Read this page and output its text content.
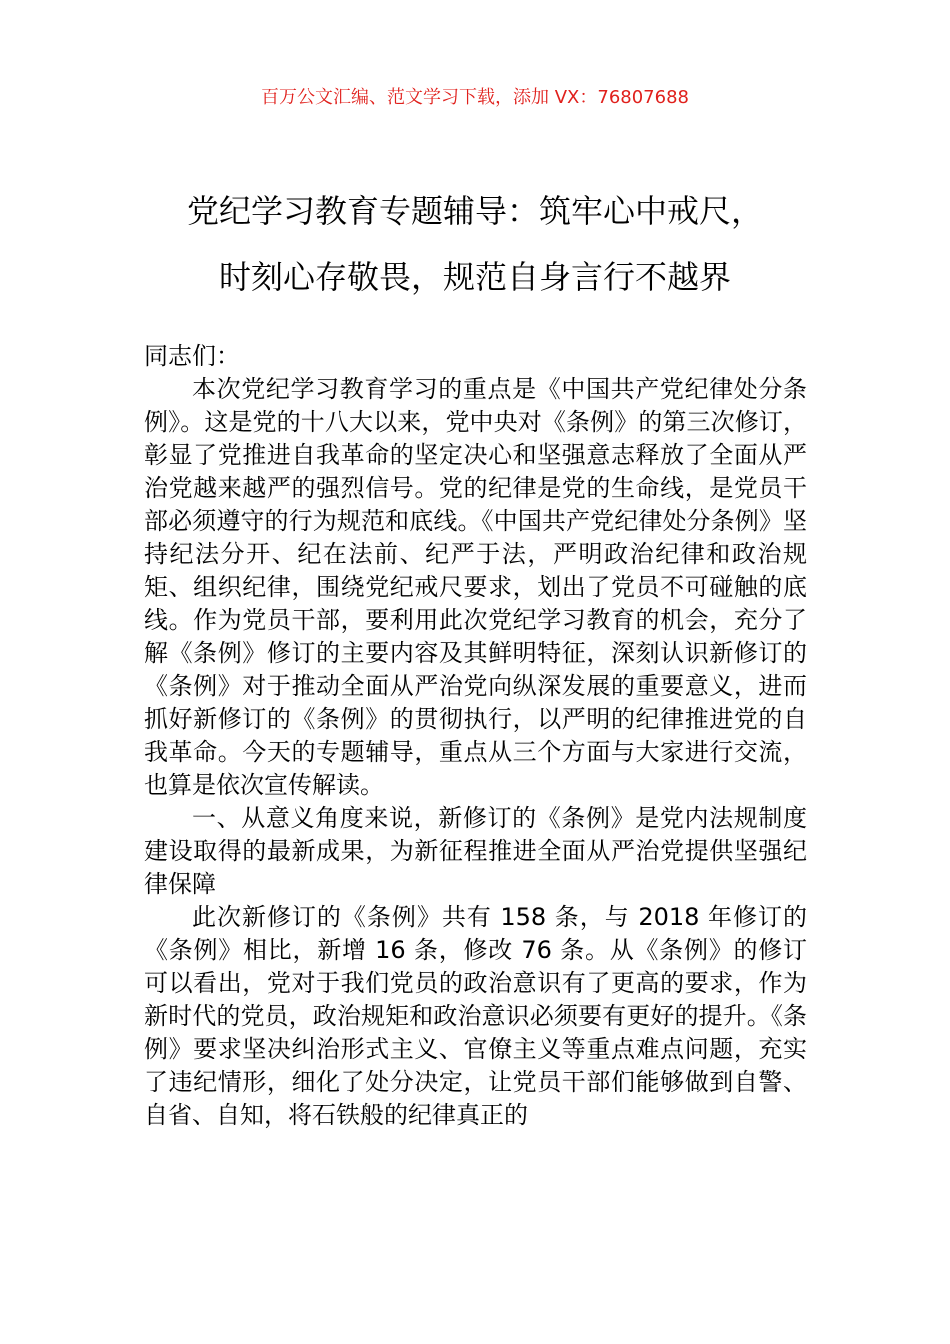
百万公文汇编、范文学习下载，添加 VX：76807688
党纪学习教育专题辅导：筑牢心中戒尺，
时刻心存敬畏，规范自身言行不越界

同志们：

本次党纪学习教育学习的重点是《中国共产党纪律处分条例》。这是党的十八大以来，党中央对《条例》的第三次修订，彰显了党推进自我革命的坚定决心和坚强意志释放了全面从严治党越来越严的强烈信号。党的纪律是党的生命线，是党员干部必须遵守的行为规范和底线。《中国共产党纪律处分条例》坚持纪法分开、纪在法前、纪严于法，严明政治纪律和政治规矩、组织纪律，围绕党纪戒尺要求，划出了党员不可碰触的底线。作为党员干部，要利用此次党纪学习教育的机会，充分了解《条例》修订的主要内容及其鲜明特征，深刻认识新修订的《条例》对于推动全面从严治党向纵深发展的重要意义，进而抓好新修订的《条例》的贯彻执行，以严明的纪律推进党的自我革命。今天的专题辅导，重点从三个方面与大家进行交流，也算是依次宣传解读。

一、从意义角度来说，新修订的《条例》是党内法规制度建设取得的最新成果，为新征程推进全面从严治党提供坚强纪律保障

此次新修订的《条例》共有 158 条，与 2018 年修订的《条例》相比，新增 16 条，修改 76 条。从《条例》的修订可以看出，党对于我们党员的政治意识有了更高的要求，作为新时代的党员，政治规矩和政治意识必须要有更好的提升。《条例》要求坚决纠治形式主义、官僚主义等重点难点问题，充实了违纪情形，细化了处分决定，让党员干部们能够做到自警、自省、自知，将石铁般的纪律真正的
